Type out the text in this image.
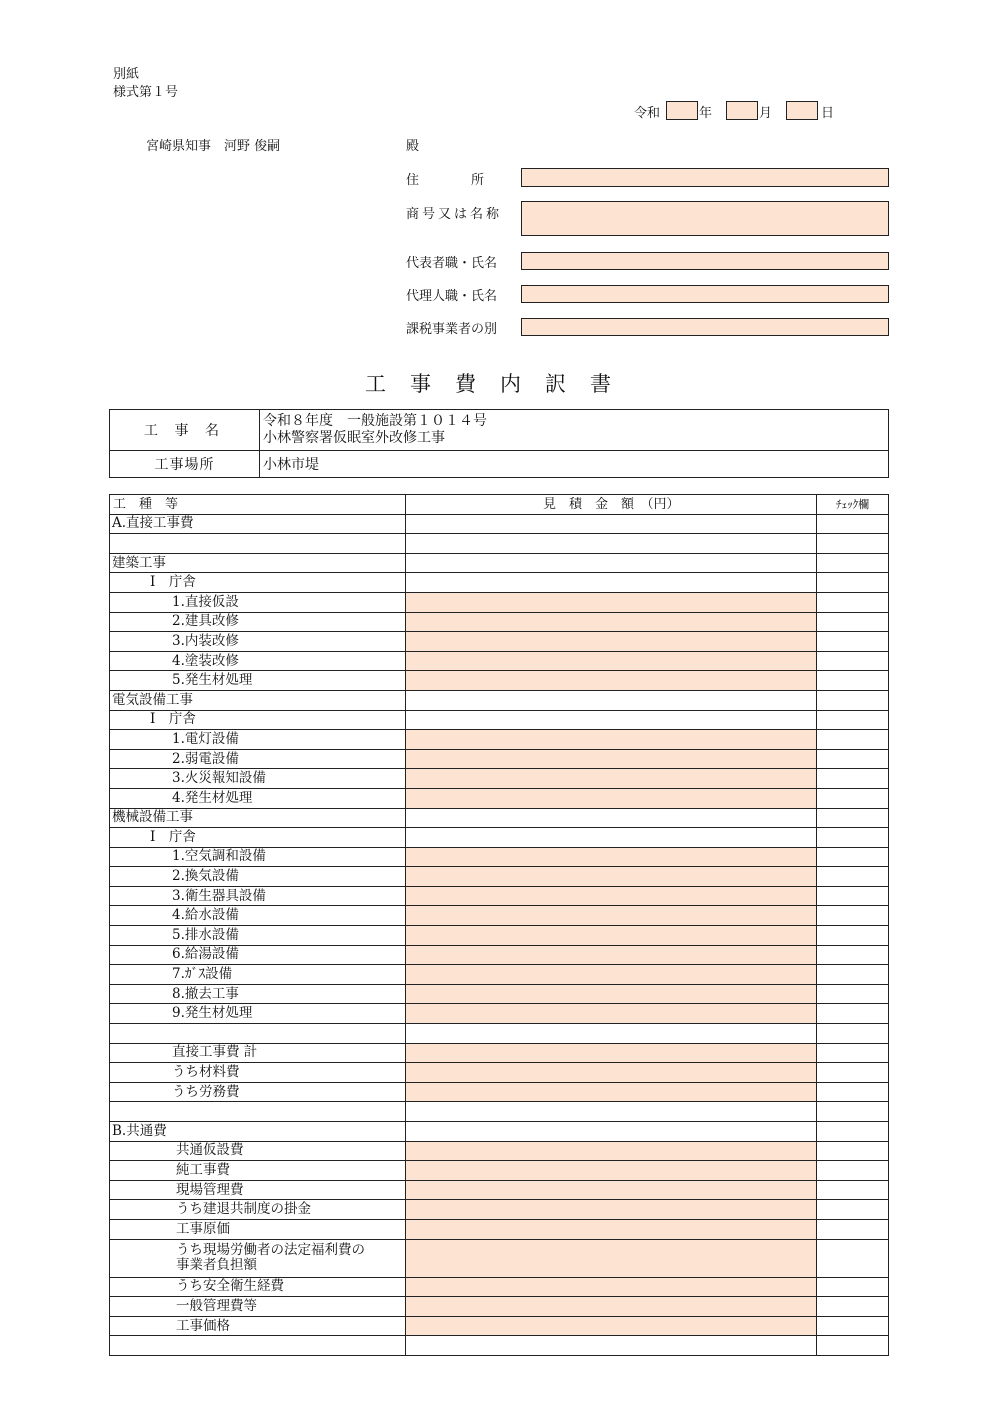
別紙
様式第１号
令和	年	月	日
宮崎県知事　河野 俊嗣	殿
住　　　　所
商号又は名称
代表者職・氏名
代理人職・氏名
課税事業者の別
工事費内訳書
工 事 名	令和８年度　一般施設第１０１４号
小林警察署仮眠室外改修工事

工事場所	小林市堤
工　種　等	見　積　金　額　（円）	ﾁｪｯｸ欄
A.直接工事費		

建築工事		
Ⅰ　庁舎		
1.直接仮設		
2.建具改修		
3.内装改修		
4.塗装改修		
5.発生材処理		
電気設備工事		
Ⅰ　庁舎		
1.電灯設備		
2.弱電設備		
3.火災報知設備		
4.発生材処理		
機械設備工事		
Ⅰ　庁舎		
1.空気調和設備		
2.換気設備		
3.衛生器具設備		
4.給水設備		
5.排水設備		
6.給湯設備		
7.ｶﾞｽ設備		
8.撤去工事		
9.発生材処理		

直接工事費 計		
うち材料費		
うち労務費		

B.共通費		
共通仮設費		
純工事費		
現場管理費		
うち建退共制度の掛金		
工事原価		
うち現場労働者の法定福利費の
事業者負担額		
うち安全衛生経費		
一般管理費等		
工事価格		
